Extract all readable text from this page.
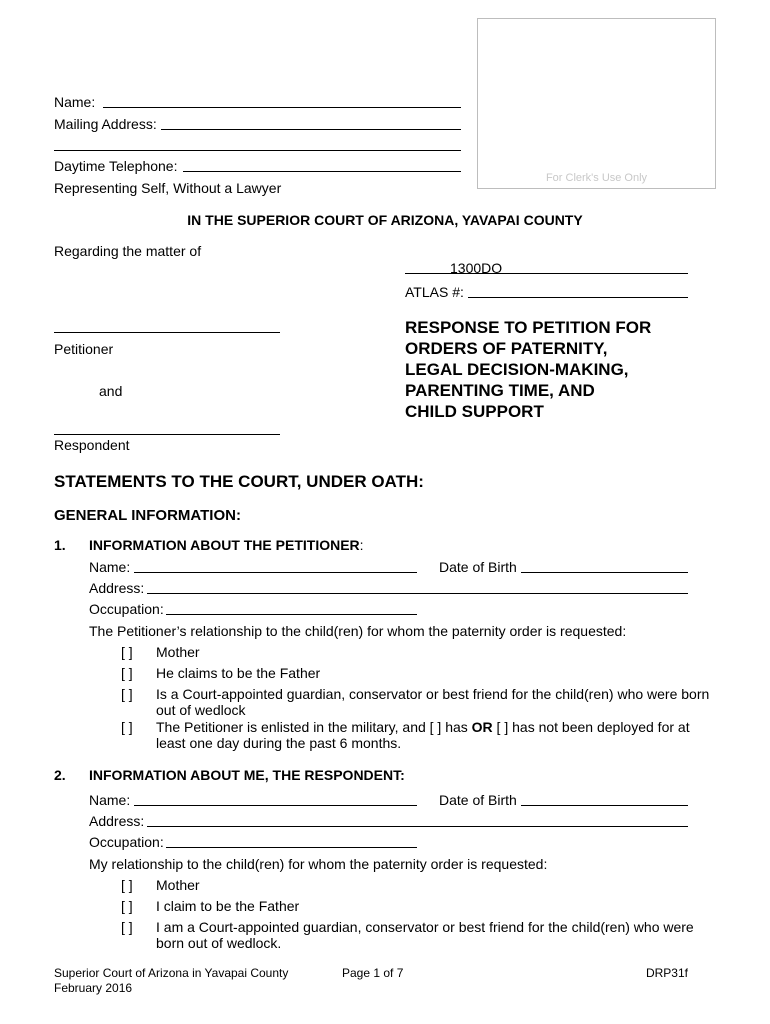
Name:
Mailing Address:
Daytime Telephone:
Representing Self, Without a Lawyer
For Clerk's Use Only
IN THE SUPERIOR COURT OF ARIZONA, YAVAPAI COUNTY
Regarding the matter of
1300DO
ATLAS #:
Petitioner
and
Respondent
RESPONSE TO PETITION FOR
ORDERS OF PATERNITY,
LEGAL DECISION-MAKING,
PARENTING TIME, AND
CHILD SUPPORT
STATEMENTS TO THE COURT, UNDER OATH:
GENERAL INFORMATION:
1. INFORMATION ABOUT THE PETITIONER:
Name:	Date of Birth
Address:
Occupation:
The Petitioner’s relationship to the child(ren) for whom the paternity order is requested:
[ ] Mother
[ ] He claims to be the Father
[ ] Is a Court-appointed guardian, conservator or best friend for the child(ren) who were born
out of wedlock
[ ] The Petitioner is enlisted in the military, and [ ] has OR [ ] has not been deployed for at
least one day during the past 6 months.
2. INFORMATION ABOUT ME, THE RESPONDENT:
Name:	Date of Birth
Address:
Occupation:
My relationship to the child(ren) for whom the paternity order is requested:
[ ] Mother
[ ] I claim to be the Father
[ ] I am a Court-appointed guardian, conservator or best friend for the child(ren) who were
born out of wedlock.
Superior Court of Arizona in Yavapai County
February 2016
Page 1 of 7	DRP31f
